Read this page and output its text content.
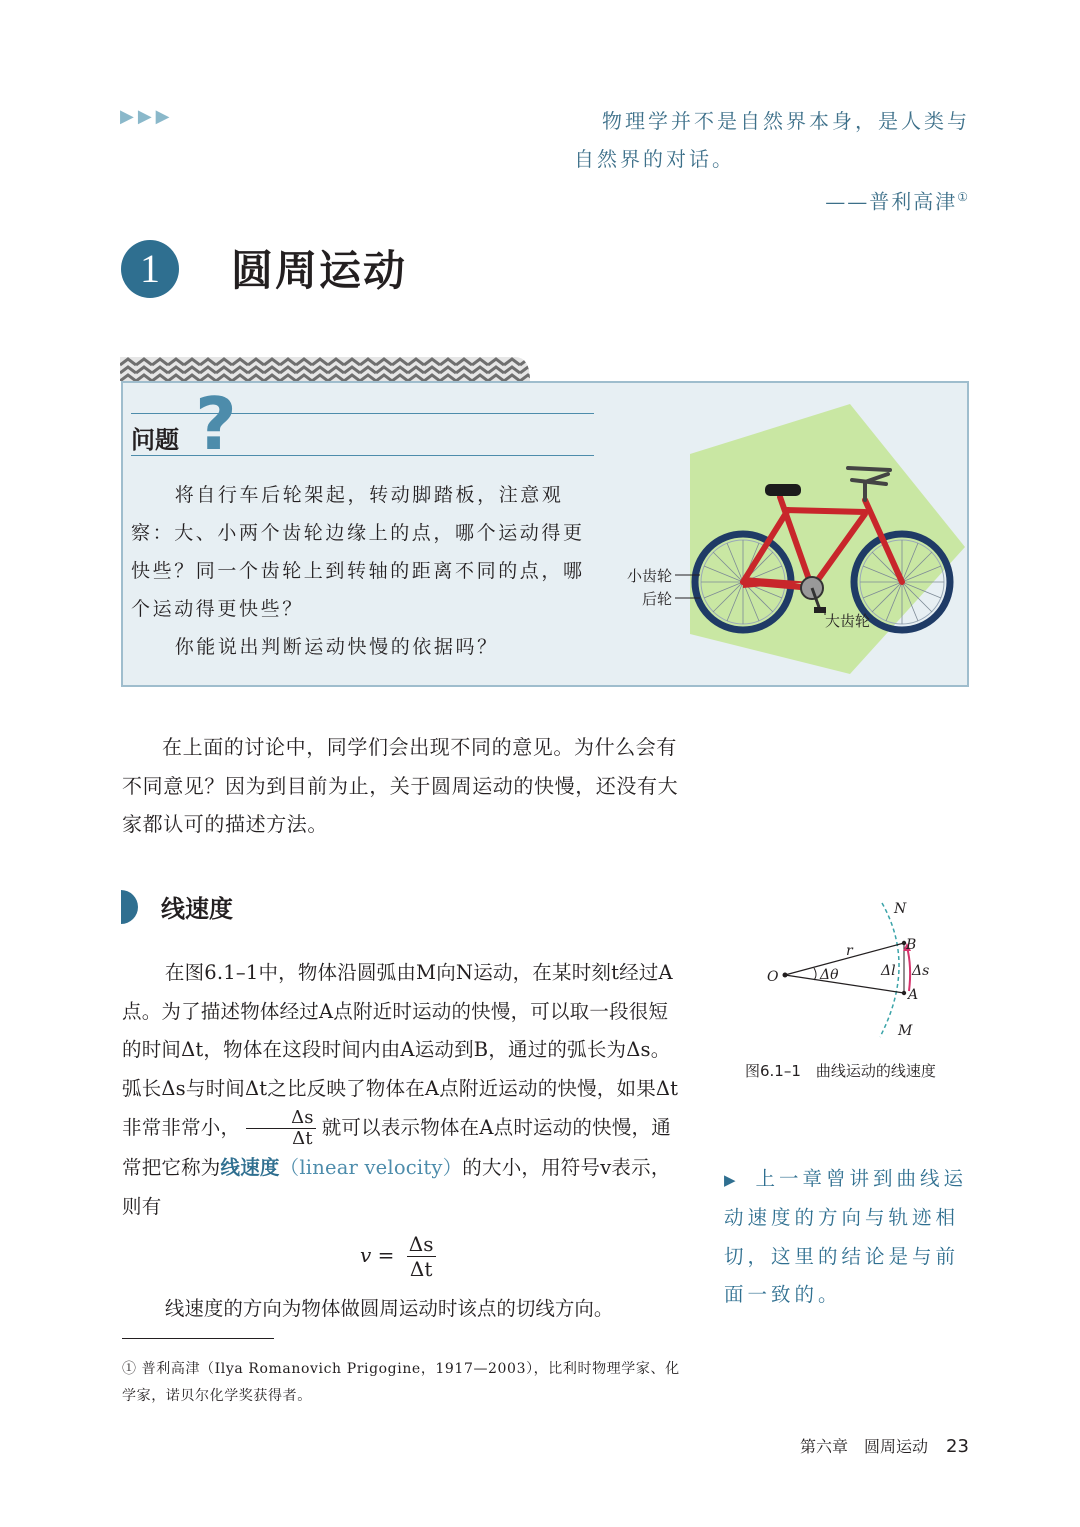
▶▶▶	物理学并不是自然界本身，是人类与
自然界的对话。
——普利高津①
1	圆周运动
问题 ?

将自行车后轮架起，转动脚踏板，注意观察：大、小两个齿轮边缘上的点，哪个运动得更快些？同一个齿轮上到转轴的距离不同的点，哪个运动得更快些？

你能说出判断运动快慢的依据吗？

小齿轮
后轮
大齿轮
在上面的讨论中，同学们会出现不同的意见。为什么会有不同意见？因为到目前为止，关于圆周运动的快慢，还没有大家都认可的描述方法。
线速度

在图6.1–1中，物体沿圆弧由M向N运动，在某时刻t经过A点。为了描述物体经过A点附近时运动的快慢，可以取一段很短的时间Δt，物体在这段时间内由A运动到B，通过的弧长为Δs。弧长Δs与时间Δt之比反映了物体在A点附近运动的快慢，如果Δt非常非常小， $\frac{\Delta s}{\Delta t}$ 就可以表示物体在A点时运动的快慢，通常把它称为线速度（linear velocity）的大小，用符号v表示，则有

$v = \frac{\Delta s}{\Delta t}$
线速度的方向为物体做圆周运动时该点的切线方向。
① 普利高津（Ilya Romanovich Prigogine，1917—2003），比利时物理学家、化学家，诺贝尔化学奖获得者。
N
B
r
O	Δθ	Δl Δs
A
M
图6.1–1　曲线运动的线速度
▶ 上一章曾讲到曲线运动速度的方向与轨迹相切，这里的结论是与前面一致的。
第六章　圆周运动 23
